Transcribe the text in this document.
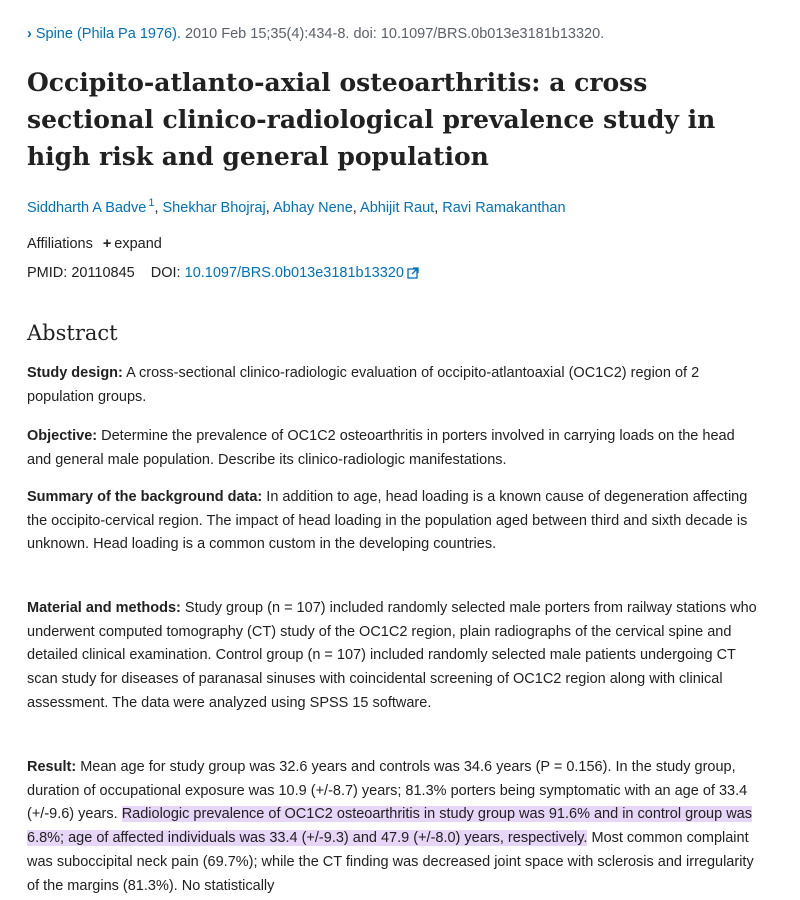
› Spine (Phila Pa 1976). 2010 Feb 15;35(4):434-8. doi: 10.1097/BRS.0b013e3181b13320.
Occipito-atlanto-axial osteoarthritis: a cross sectional clinico-radiological prevalence study in high risk and general population
Siddharth A Badve $^1$, Shekhar Bhojraj, Abhay Nene, Abhijit Raut, Ravi Ramakanthan
Affiliations + expand
PMID: 20110845 DOI: 10.1097/BRS.0b013e3181b13320
Abstract

Study design: A cross-sectional clinico-radiologic evaluation of occipito-atlantoaxial (OC1C2) region of 2 population groups.

Objective: Determine the prevalence of OC1C2 osteoarthritis in porters involved in carrying loads on the head and general male population. Describe its clinico-radiologic manifestations.

Summary of the background data: In addition to age, head loading is a known cause of degeneration affecting the occipito-cervical region. The impact of head loading in the population aged between third and sixth decade is unknown. Head loading is a common custom in the developing countries.

Material and methods: Study group (n = 107) included randomly selected male porters from railway stations who underwent computed tomography (CT) study of the OC1C2 region, plain radiographs of the cervical spine and detailed clinical examination. Control group (n = 107) included randomly selected male patients undergoing CT scan study for diseases of paranasal sinuses with coincidental screening of OC1C2 region along with clinical assessment. The data were analyzed using SPSS 15 software.

Result: Mean age for study group was 32.6 years and controls was 34.6 years (P = 0.156). In the study group, duration of occupational exposure was 10.9 (+/-8.7) years; 81.3% porters being symptomatic with an age of 33.4 (+/-9.6) years. Radiologic prevalence of OC1C2 osteoarthritis in study group was 91.6% and in control group was 6.8%; age of affected individuals was 33.4 (+/-9.3) and 47.9 (+/-8.0) years, respectively. Most common complaint was suboccipital neck pain (69.7%); while the CT finding was decreased joint space with sclerosis and irregularity of the margins (81.3%). No statistically
